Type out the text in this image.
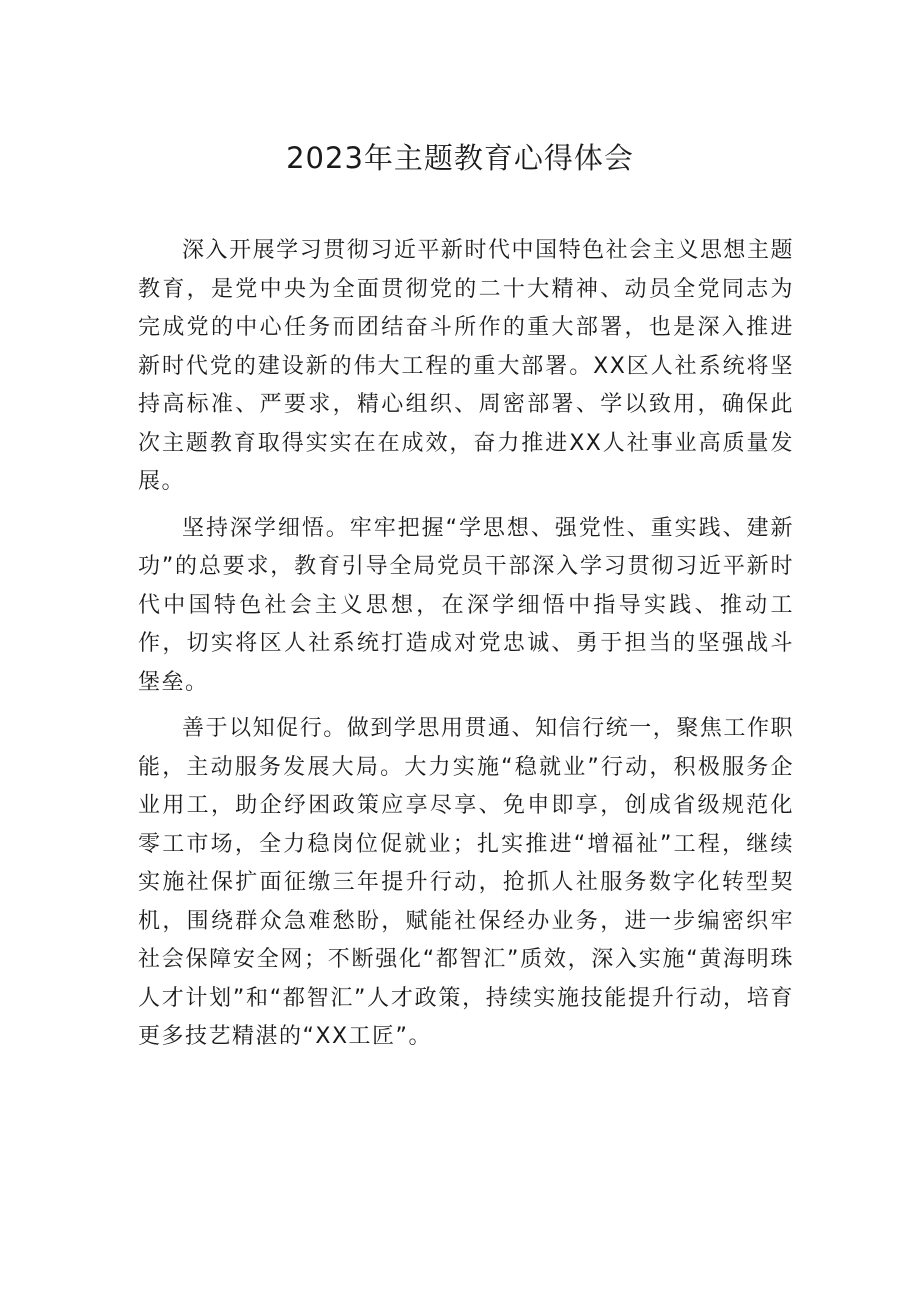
2023年主题教育心得体会

深入开展学习贯彻习近平新时代中国特色社会主义思想主题教育，是党中央为全面贯彻党的二十大精神、动员全党同志为完成党的中心任务而团结奋斗所作的重大部署，也是深入推进新时代党的建设新的伟大工程的重大部署。XX区人社系统将坚持高标准、严要求，精心组织、周密部署、学以致用，确保此次主题教育取得实实在在成效，奋力推进XX人社事业高质量发展。

坚持深学细悟。牢牢把握“学思想、强党性、重实践、建新功”的总要求，教育引导全局党员干部深入学习贯彻习近平新时代中国特色社会主义思想，在深学细悟中指导实践、推动工作，切实将区人社系统打造成对党忠诚、勇于担当的坚强战斗堡垒。

善于以知促行。做到学思用贯通、知信行统一，聚焦工作职能，主动服务发展大局。大力实施“稳就业”行动，积极服务企业用工，助企纾困政策应享尽享、免申即享，创成省级规范化零工市场，全力稳岗位促就业；扎实推进“增福祉”工程，继续实施社保扩面征缴三年提升行动，抢抓人社服务数字化转型契机，围绕群众急难愁盼，赋能社保经办业务，进一步编密织牢社会保障安全网；不断强化“都智汇”质效，深入实施“黄海明珠人才计划”和“都智汇”人才政策，持续实施技能提升行动，培育更多技艺精湛的“XX工匠”。
